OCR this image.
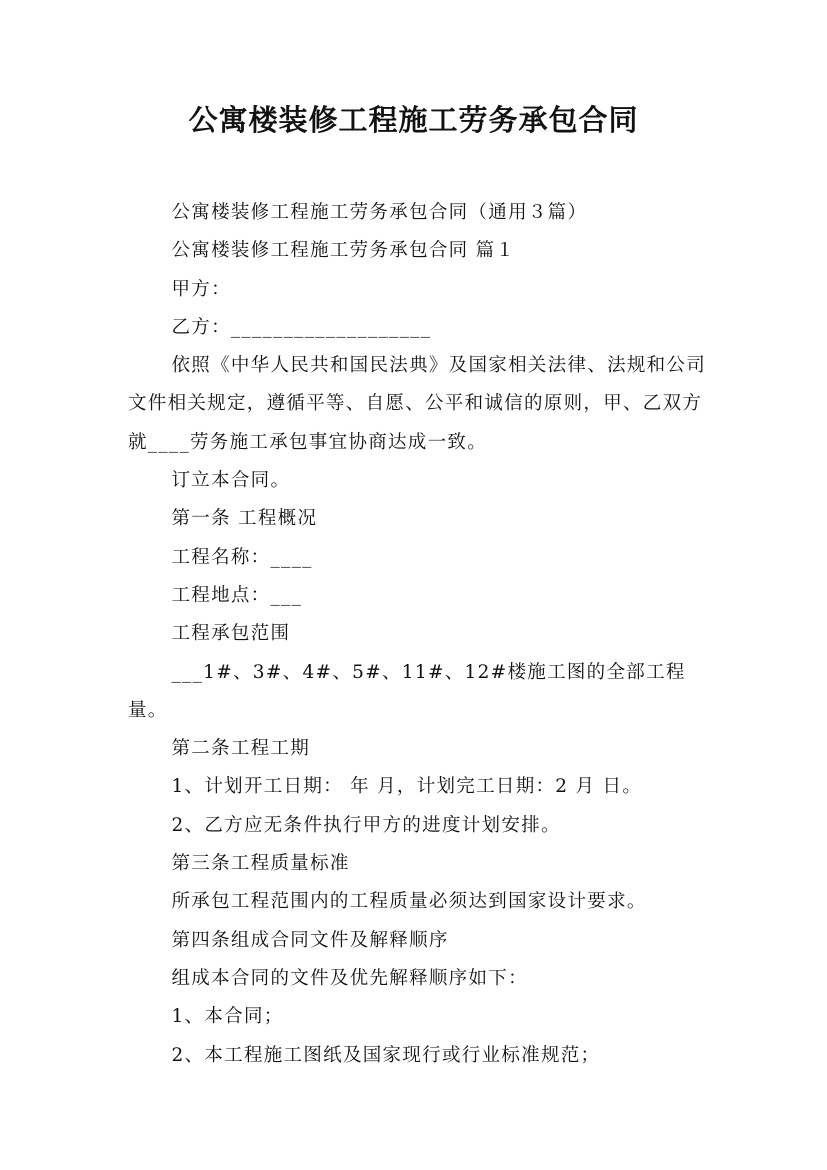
公寓楼装修工程施工劳务承包合同

公寓楼装修工程施工劳务承包合同（通用３篇）

公寓楼装修工程施工劳务承包合同 篇１

甲方：

乙方：___________________

依照《中华人民共和国民法典》及国家相关法律、法规和公司文件相关规定，遵循平等、自愿、公平和诚信的原则，甲、乙双方就____劳务施工承包事宜协商达成一致。

订立本合同。

第一条 工程概况

工程名称：____

工程地点：___

工程承包范围

___1#、3#、4#、5#、11#、12#楼施工图的全部工程量。

第二条工程工期

1、计划开工日期： 年 月，计划完工日期：2 月 日。

2、乙方应无条件执行甲方的进度计划安排。

第三条工程质量标准

所承包工程范围内的工程质量必须达到国家设计要求。

第四条组成合同文件及解释顺序

组成本合同的文件及优先解释顺序如下：

1、本合同；

2、本工程施工图纸及国家现行或行业标准规范；
